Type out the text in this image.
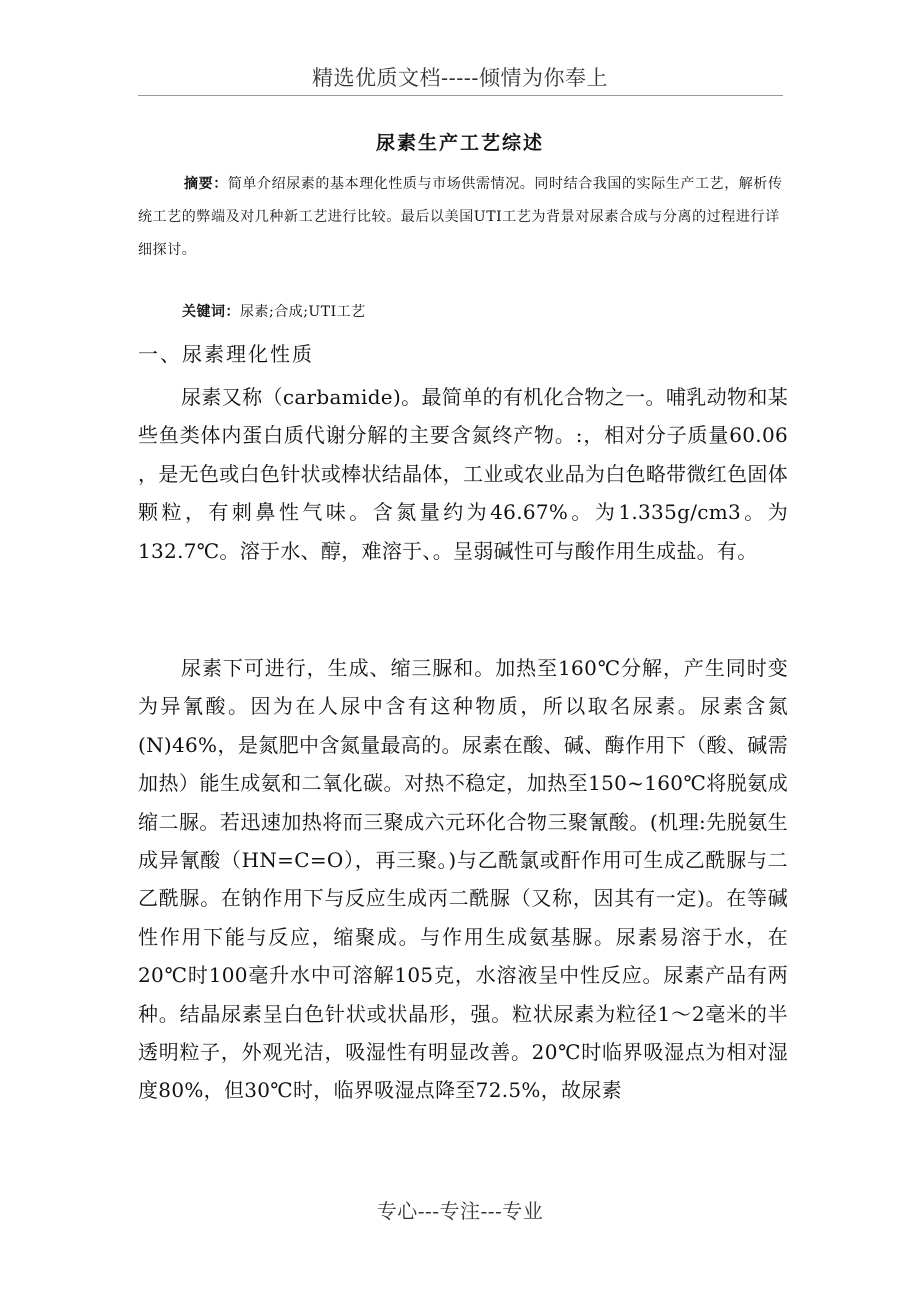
精选优质文档-----倾情为你奉上
尿素生产工艺综述
摘要：简单介绍尿素的基本理化性质与市场供需情况。同时结合我国的实际生产工艺，解析传统工艺的弊端及对几种新工艺进行比较。最后以美国UTI工艺为背景对尿素合成与分离的过程进行详细探讨。
关键词：尿素;合成;UTI工艺
一、尿素理化性质
尿素又称（carbamide)。最简单的有机化合物之一。哺乳动物和某些鱼类体内蛋白质代谢分解的主要含氮终产物。:，相对分子质量60.06 ，是无色或白色针状或棒状结晶体，工业或农业品为白色略带微红色固体颗粒，有刺鼻性气味。含氮量约为46.67%。为1.335g/cm3。为132.7℃。溶于水、醇，难溶于、。呈弱碱性可与酸作用生成盐。有。
尿素下可进行，生成、缩三脲和。加热至160℃分解，产生同时变为异氰酸。因为在人尿中含有这种物质，所以取名尿素。尿素含氮(N)46%，是氮肥中含氮量最高的。尿素在酸、碱、酶作用下（酸、碱需加热）能生成氨和二氧化碳。对热不稳定，加热至150~160℃将脱氨成缩二脲。若迅速加热将而三聚成六元环化合物三聚氰酸。(机理:先脱氨生成异氰酸（HN=C=O），再三聚。)与乙酰氯或酐作用可生成乙酰脲与二乙酰脲。在钠作用下与反应生成丙二酰脲（又称，因其有一定)。在等碱性作用下能与反应，缩聚成。与作用生成氨基脲。尿素易溶于水，在20℃时100毫升水中可溶解105克，水溶液呈中性反应。尿素产品有两种。结晶尿素呈白色针状或状晶形，强。粒状尿素为粒径1～2毫米的半透明粒子，外观光洁，吸湿性有明显改善。20℃时临界吸湿点为相对湿度80%，但30℃时，临界吸湿点降至72.5%，故尿素
专心---专注---专业
